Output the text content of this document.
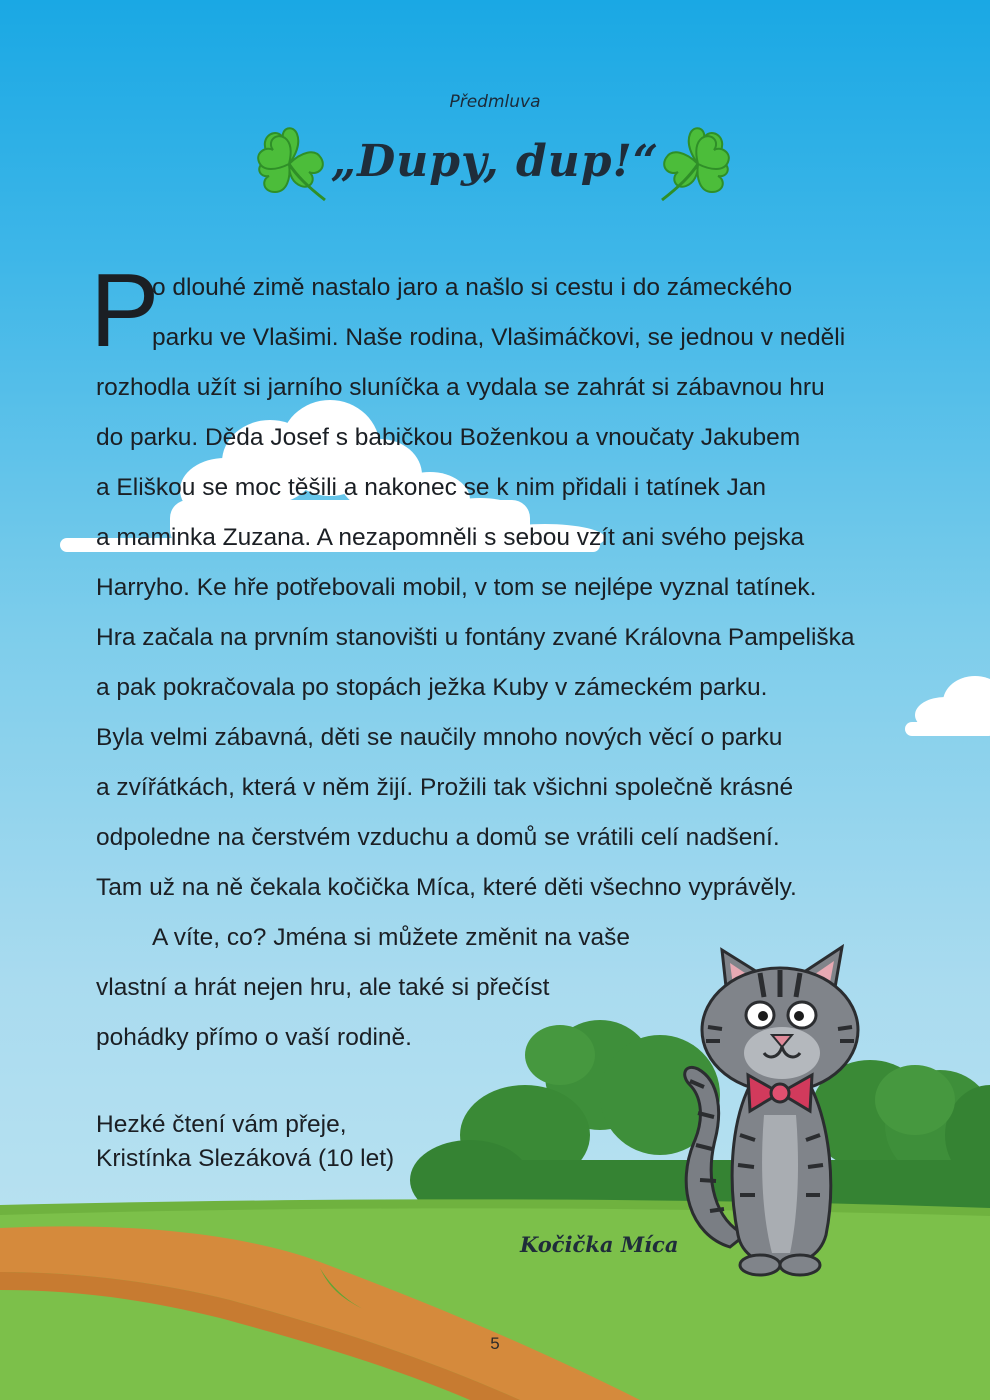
Předmluva
„Dupy, dup!“
P
o dlouhé zimě nastalo jaro a našlo si cestu i do zámeckého
parku ve Vlašimi. Naše rodina, Vlašimáčkovi, se jednou v neděli
rozhodla užít si jarního sluníčka a vydala se zahrát si zábavnou hru
do parku. Děda Josef s babičkou Boženkou a vnoučaty Jakubem
a Eliškou se moc těšili a nakonec se k nim přidali i tatínek Jan
a maminka Zuzana. A nezapomněli s sebou vzít ani svého pejska
Harryho. Ke hře potřebovali mobil, v tom se nejlépe vyznal tatínek.
Hra začala na prvním stanovišti u fontány zvané Královna Pampeliška
a pak pokračovala po stopách ježka Kuby v zámeckém parku.
Byla velmi zábavná, děti se naučily mnoho nových věcí o parku
a zvířátkách, která v něm žijí. Prožili tak všichni společně krásné
odpoledne na čerstvém vzduchu a domů se vrátili celí nadšení.
Tam už na ně čekala kočička Míca, které děti všechno vyprávěly.
A víte, co? Jména si můžete změnit na vaše
vlastní a hrát nejen hru, ale také si přečíst
pohádky přímo o vaší rodině.
Hezké čtení vám přeje,
Kristínka Slezáková (10 let)
Kočička Míca
5
